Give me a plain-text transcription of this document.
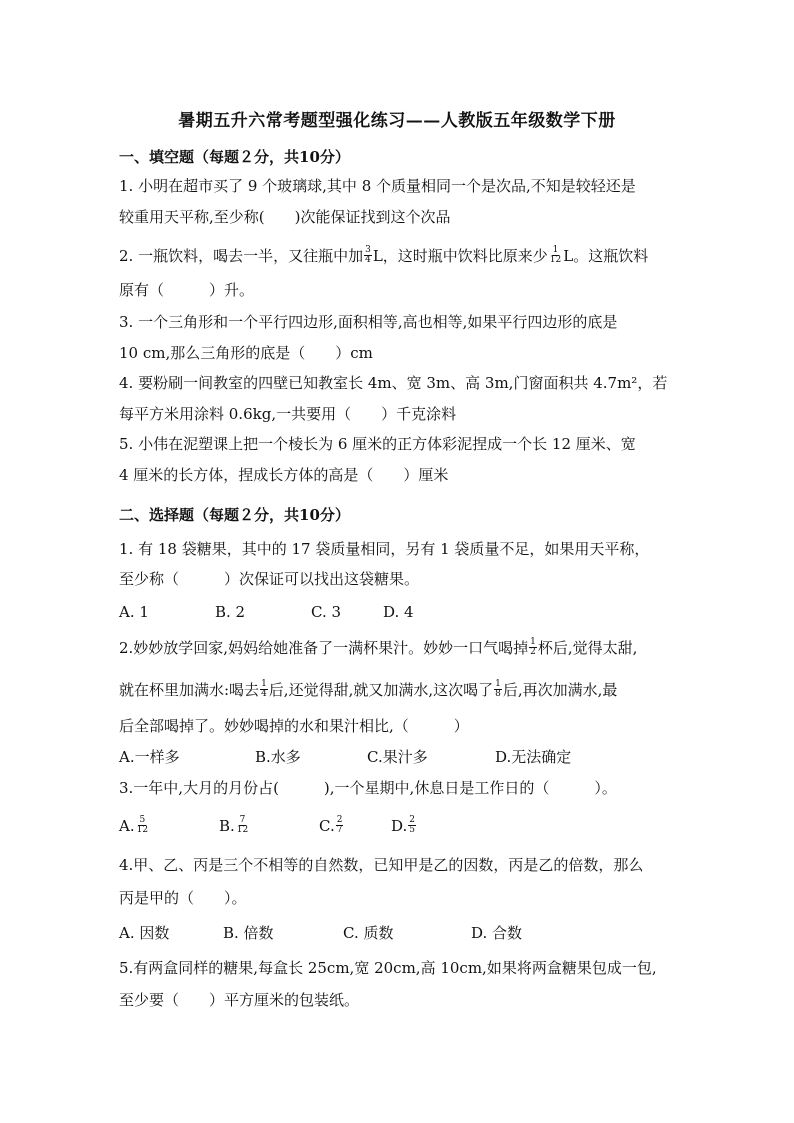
暑期五升六常考题型强化练习——人教版五年级数学下册
一、填空题（每题２分，共10分）
1. 小明在超市买了 9 个玻璃球,其中 8 个质量相同一个是次品,不知是较轻还是
较重用天平称,至少称(　　)次能保证找到这个次品
2. 一瓶饮料，喝去一半，又往瓶中加 $\frac{3}{4}$ L，这时瓶中饮料比原来少 $\frac{1}{12}$ L。这瓶饮料
原有（　　　）升。
3. 一个三角形和一个平行四边形,面积相等,高也相等,如果平行四边形的底是
10 cm,那么三角形的底是（　　）cm
4. 要粉刷一间教室的四壁已知教室长 4m、宽 3m、高 3m,门窗面积共 4.7m²，若
每平方米用涂料 0.6kg,一共要用（　　）千克涂料
5. 小伟在泥塑课上把一个棱长为 6 厘米的正方体彩泥捏成一个长 12 厘米、宽
4 厘米的长方体，捏成长方体的高是（　　）厘米
二、选择题（每题２分，共10分）
1. 有 18 袋糖果，其中的 17 袋质量相同，另有 1 袋质量不足，如果用天平称，
至少称（　　　）次保证可以找出这袋糖果。
A. 1	B. 2	C. 3	D. 4
2.妙妙放学回家,妈妈给她准备了一满杯果汁。妙妙一口气喝掉 $\frac{1}{2}$ 杯后,觉得太甜,
就在杯里加满水:喝去 $\frac{1}{4}$ 后,还觉得甜,就又加满水,这次喝了 $\frac{1}{8}$ 后,再次加满水,最
后全部喝掉了。妙妙喝掉的水和果汁相比,（　　　）
A.一样多	B.水多	C.果汁多	D.无法确定
3.一年中,大月的月份占(　　　),一个星期中,休息日是工作日的（　　　）。
A. $\frac{5}{12}$	B. $\frac{7}{12}$	C. $\frac{2}{7}$	D. $\frac{2}{5}$
4.甲、乙、丙是三个不相等的自然数，已知甲是乙的因数，丙是乙的倍数，那么
丙是甲的（　　）。
A. 因数	B. 倍数	C. 质数	D. 合数
5.有两盒同样的糖果,每盒长 25cm,宽 20cm,高 10cm,如果将两盒糖果包成一包,
至少要（　　）平方厘米的包装纸。
